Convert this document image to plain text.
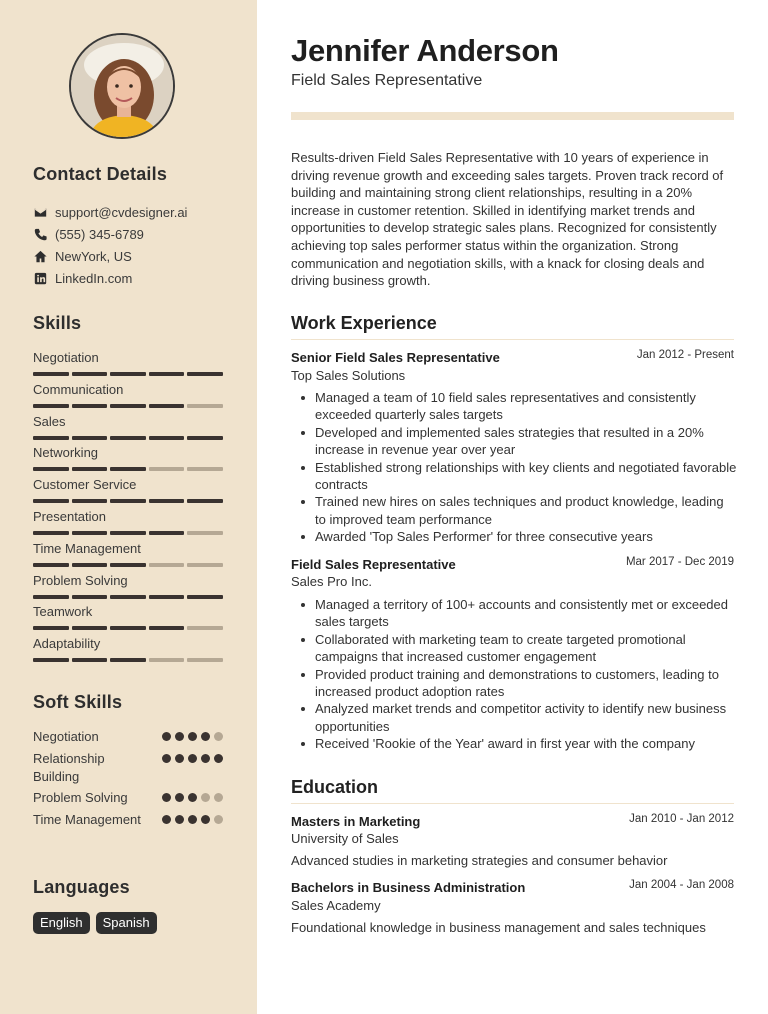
Contact Details
support@cvdesigner.ai
(555) 345-6789
NewYork, US
LinkedIn.com
Skills
Negotiation
Communication
Sales
Networking
Customer Service
Presentation
Time Management
Problem Solving
Teamwork
Adaptability
Soft Skills
Negotiation
Relationship Building
Problem Solving
Time Management
Languages
English	Spanish
Jennifer Anderson
Field Sales Representative
Results-driven Field Sales Representative with 10 years of experience in driving revenue growth and exceeding sales targets. Proven track record of building and maintaining strong client relationships, resulting in a 20% increase in customer retention. Skilled in identifying market trends and opportunities to develop strategic sales plans. Recognized for consistently achieving top sales performer status within the organization. Strong communication and negotiation skills, with a knack for closing deals and driving business growth.
Work Experience
Senior Field Sales Representative	Jan 2012 - Present
Top Sales Solutions
Managed a team of 10 field sales representatives and consistently exceeded quarterly sales targets
Developed and implemented sales strategies that resulted in a 20% increase in revenue year over year
Established strong relationships with key clients and negotiated favorable contracts
Trained new hires on sales techniques and product knowledge, leading to improved team performance
Awarded 'Top Sales Performer' for three consecutive years
Field Sales Representative	Mar 2017 - Dec 2019
Sales Pro Inc.
Managed a territory of 100+ accounts and consistently met or exceeded sales targets
Collaborated with marketing team to create targeted promotional campaigns that increased customer engagement
Provided product training and demonstrations to customers, leading to increased product adoption rates
Analyzed market trends and competitor activity to identify new business opportunities
Received 'Rookie of the Year' award in first year with the company
Education
Masters in Marketing	Jan 2010 - Jan 2012
University of Sales
Advanced studies in marketing strategies and consumer behavior
Bachelors in Business Administration	Jan 2004 - Jan 2008
Sales Academy
Foundational knowledge in business management and sales techniques
